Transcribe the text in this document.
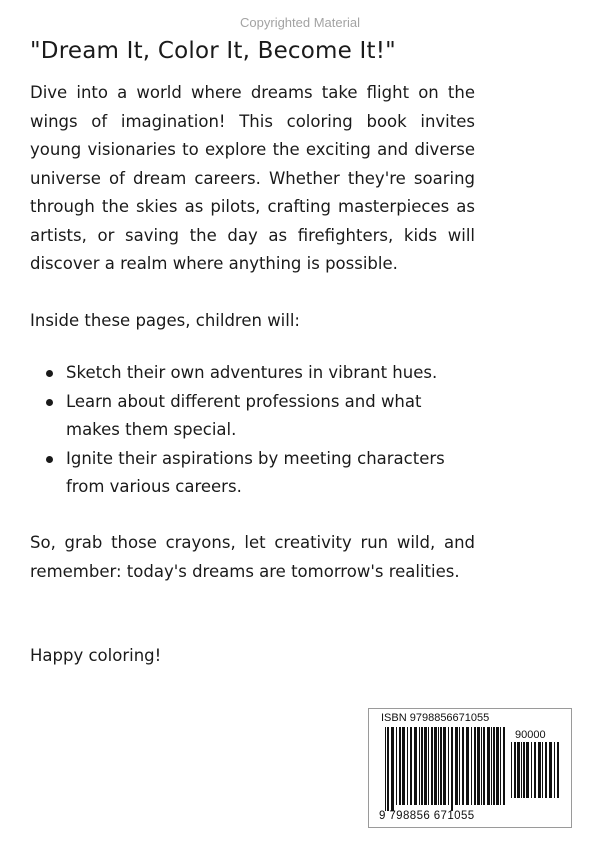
Copyrighted Material
"Dream It, Color It, Become It!"

Dive into a world where dreams take flight on the wings of imagination! This coloring book invites young visionaries to explore the exciting and diverse universe of dream careers. Whether they're soaring through the skies as pilots, crafting masterpieces as artists, or saving the day as firefighters, kids will discover a realm where anything is possible.

Inside these pages, children will:

Sketch their own adventures in vibrant hues.
Learn about different professions and what makes them special.
Ignite their aspirations by meeting characters from various careers.

So, grab those crayons, let creativity run wild, and remember: today's dreams are tomorrow's realities.

Happy coloring!

ISBN 9798856671055
90000
9 798856 671055
